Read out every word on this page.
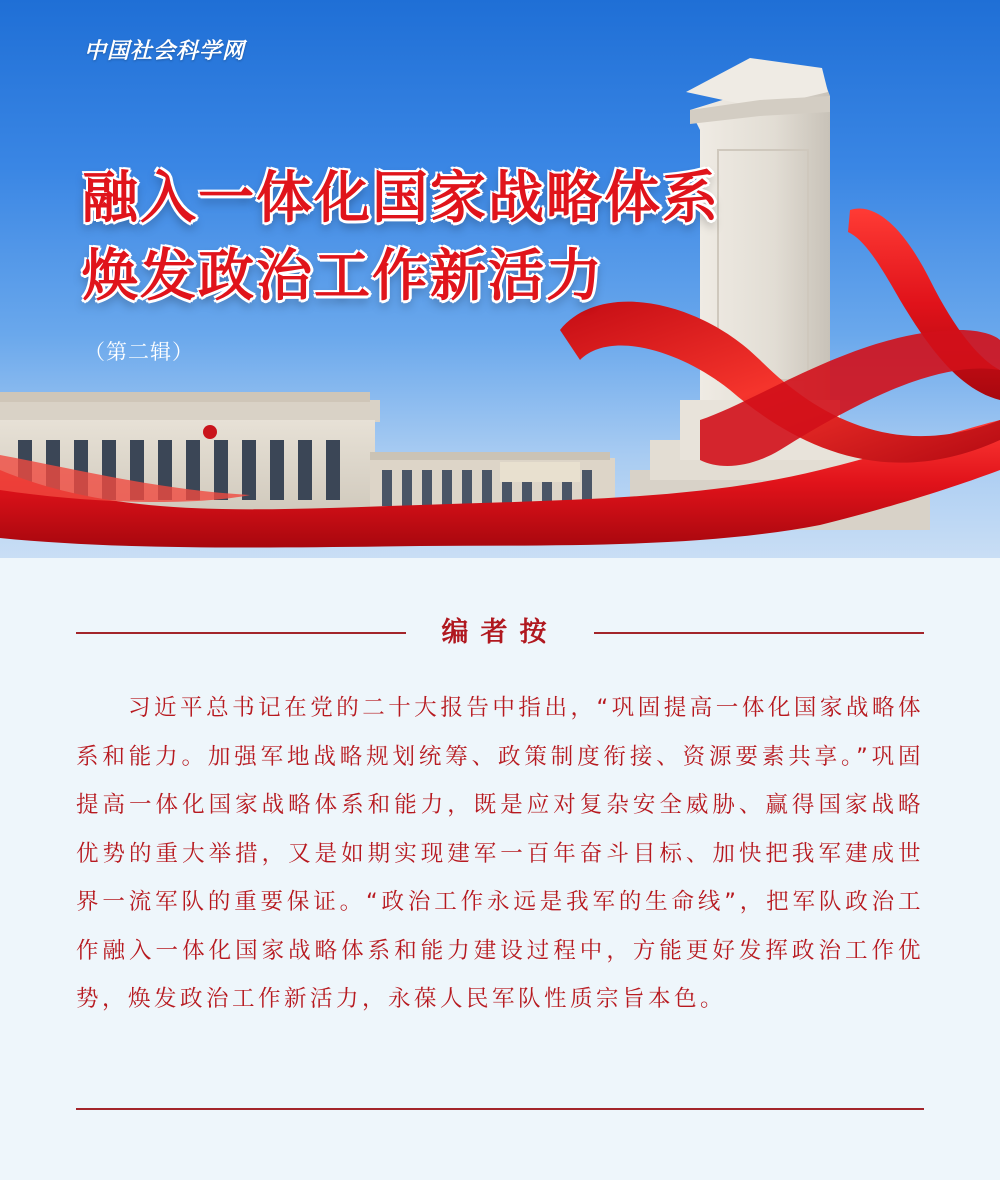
中国社会科学网
融入一体化国家战略体系
焕发政治工作新活力
（第二辑）
编者按

习近平总书记在党的二十大报告中指出，“巩固提高一体化国家战略体系和能力。加强军地战略规划统筹、政策制度衔接、资源要素共享。”巩固提高一体化国家战略体系和能力，既是应对复杂安全威胁、赢得国家战略优势的重大举措，又是如期实现建军一百年奋斗目标、加快把我军建成世界一流军队的重要保证。“政治工作永远是我军的生命线”，把军队政治工作融入一体化国家战略体系和能力建设过程中，方能更好发挥政治工作优势，焕发政治工作新活力，永葆人民军队性质宗旨本色。
